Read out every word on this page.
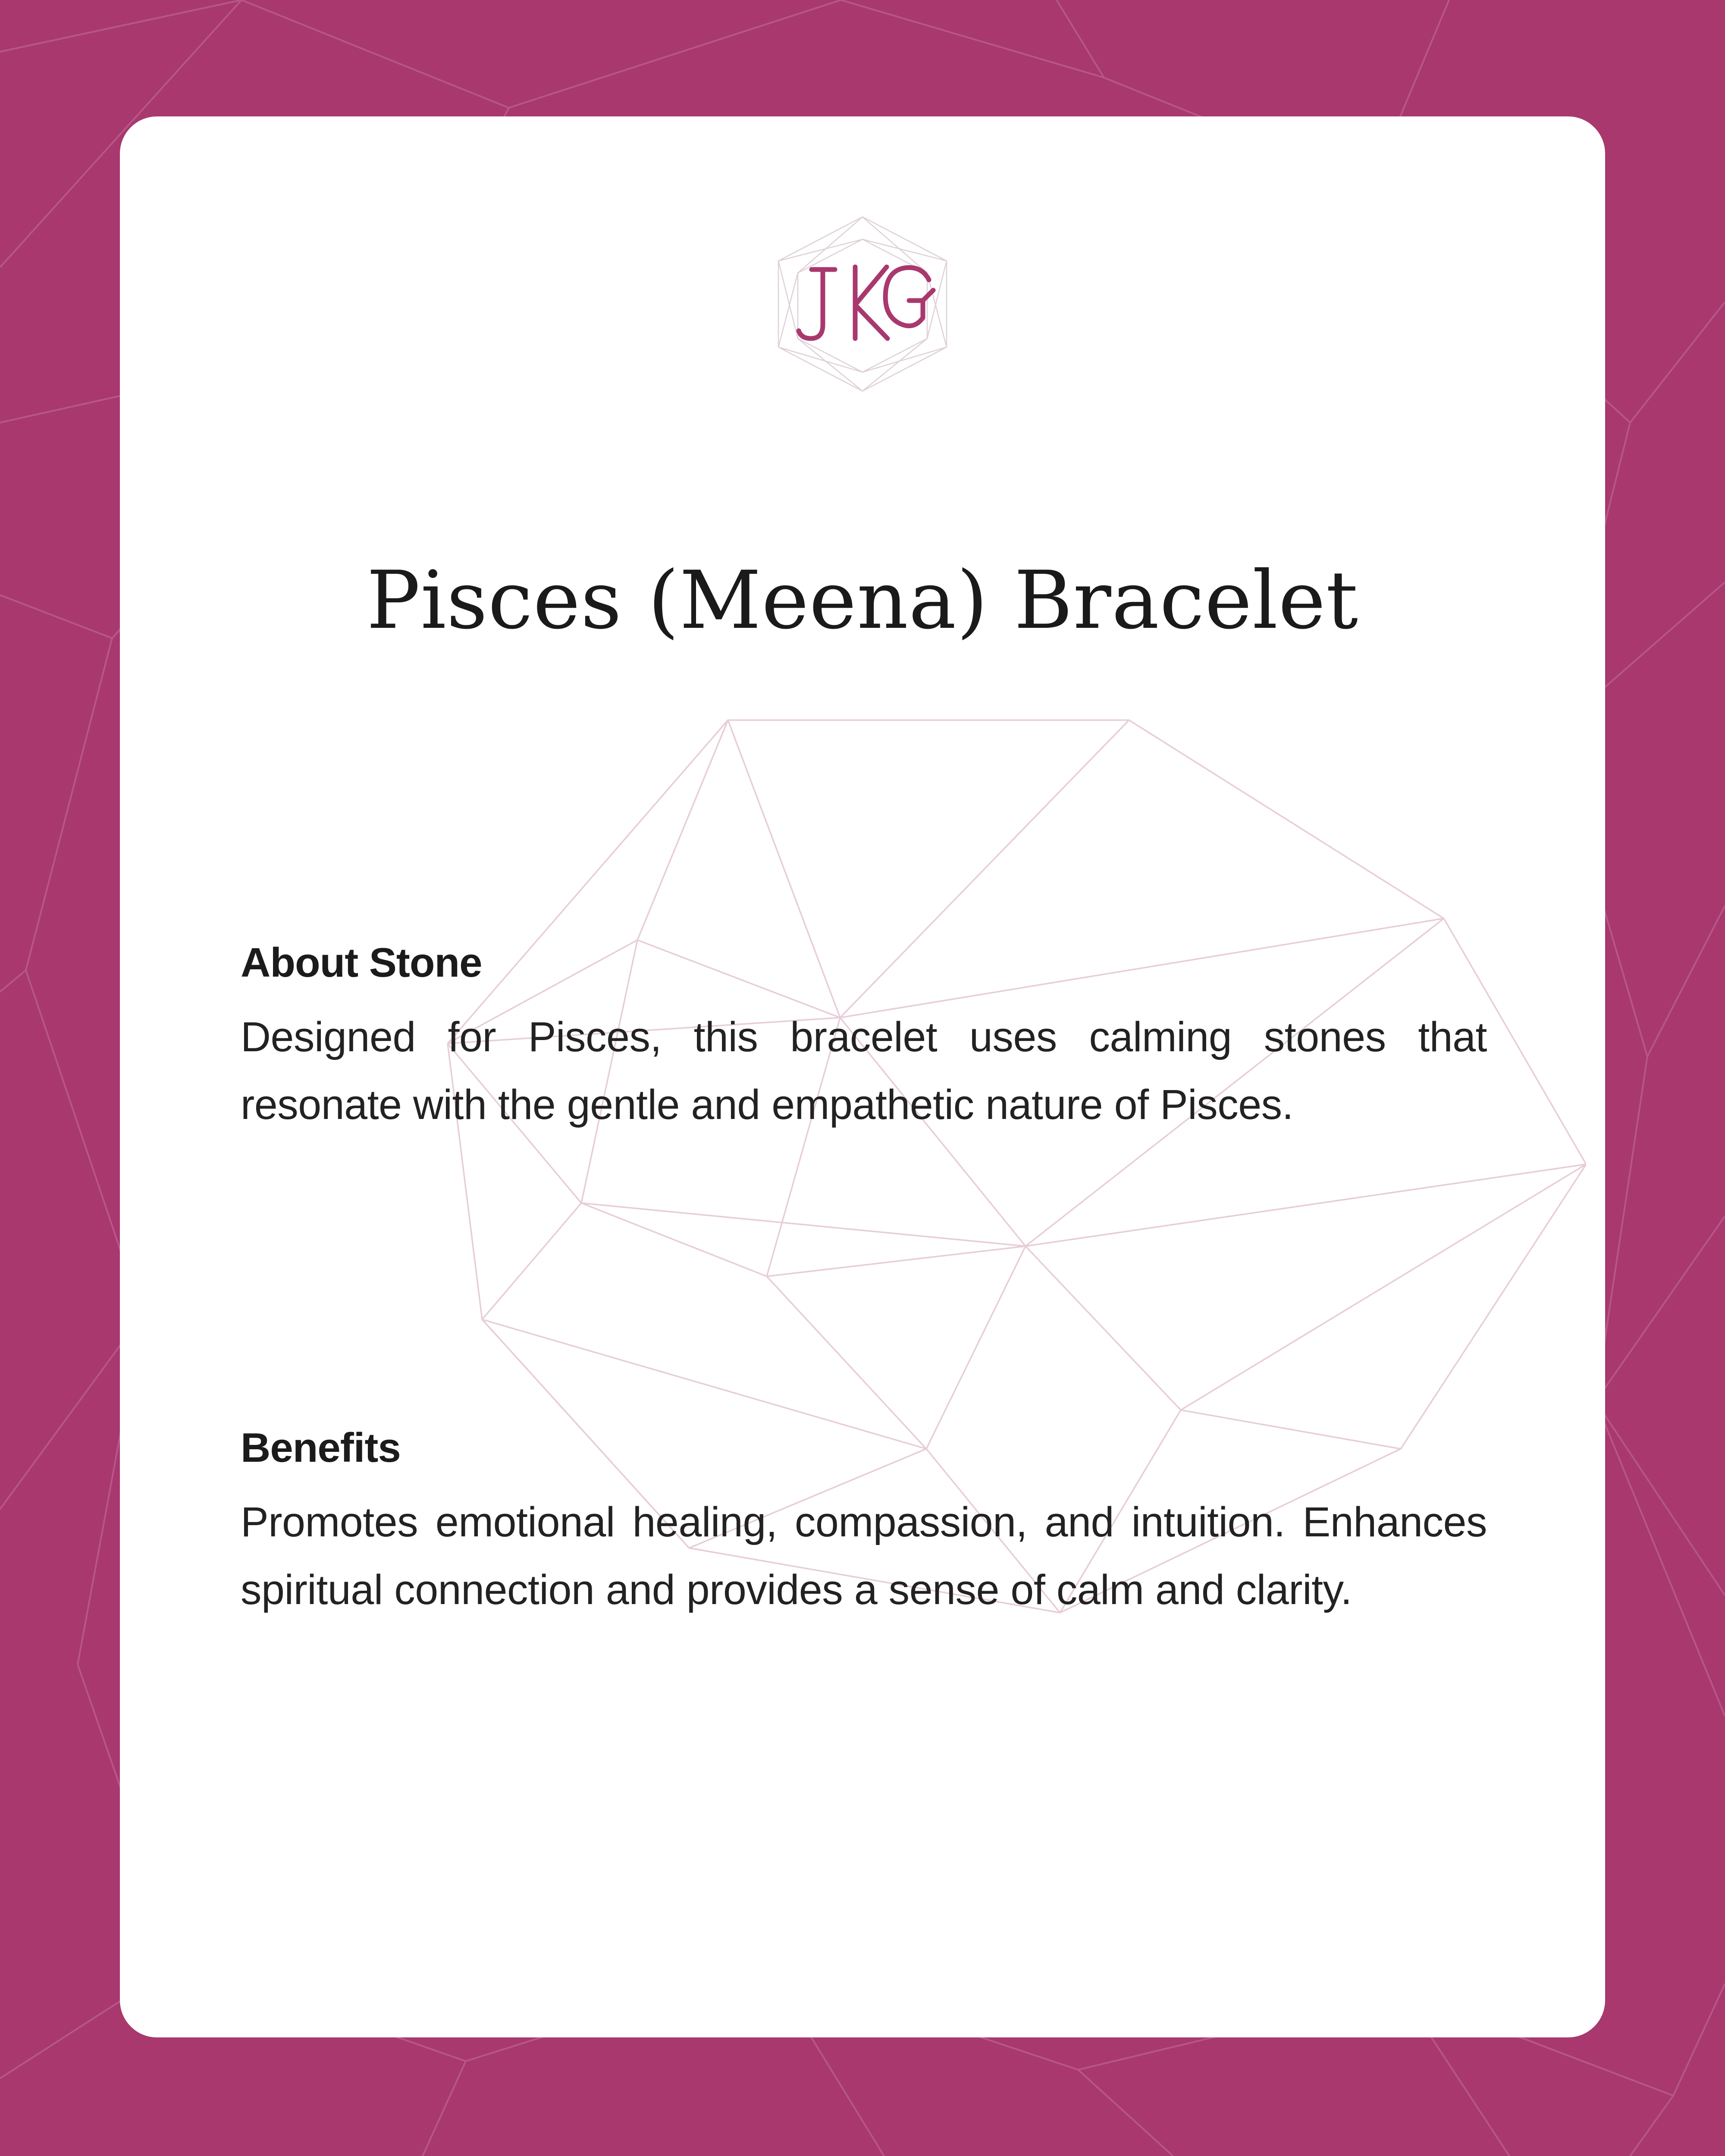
Pisces (Meena) Bracelet
About Stone
Designed for Pisces, this bracelet uses calming stones that resonate with the gentle and empathetic nature of Pisces.
Benefits
Promotes emotional healing, compassion, and intuition. Enhances spiritual connection and provides a sense of calm and clarity.
